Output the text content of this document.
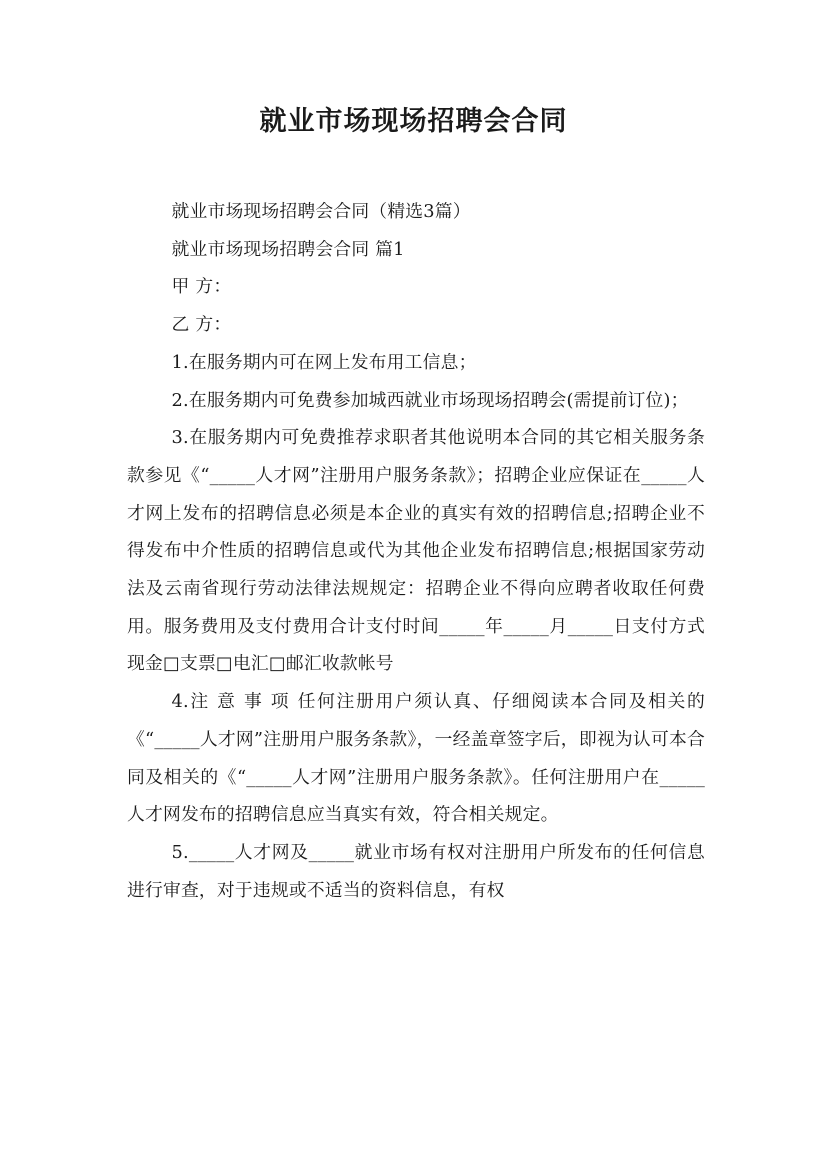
就业市场现场招聘会合同

就业市场现场招聘会合同（精选3篇）

就业市场现场招聘会合同 篇1

甲 方：

乙 方：

1.在服务期内可在网上发布用工信息；

2.在服务期内可免费参加城西就业市场现场招聘会(需提前订位)；

3.在服务期内可免费推荐求职者其他说明本合同的其它相关服务条款参见《“_____人才网”注册用户服务条款》；招聘企业应保证在_____人才网上发布的招聘信息必须是本企业的真实有效的招聘信息;招聘企业不得发布中介性质的招聘信息或代为其他企业发布招聘信息;根据国家劳动法及云南省现行劳动法律法规规定：招聘企业不得向应聘者收取任何费用。服务费用及支付费用合计支付时间_____年_____月_____日支付方式现金□支票□电汇□邮汇收款帐号

4.注 意 事 项 任何注册用户须认真、仔细阅读本合同及相关的《“_____人才网”注册用户服务条款》，一经盖章签字后，即视为认可本合同及相关的《“_____人才网”注册用户服务条款》。任何注册用户在_____人才网发布的招聘信息应当真实有效，符合相关规定。

5._____人才网及_____就业市场有权对注册用户所发布的任何信息进行审查，对于违规或不适当的资料信息，有权
